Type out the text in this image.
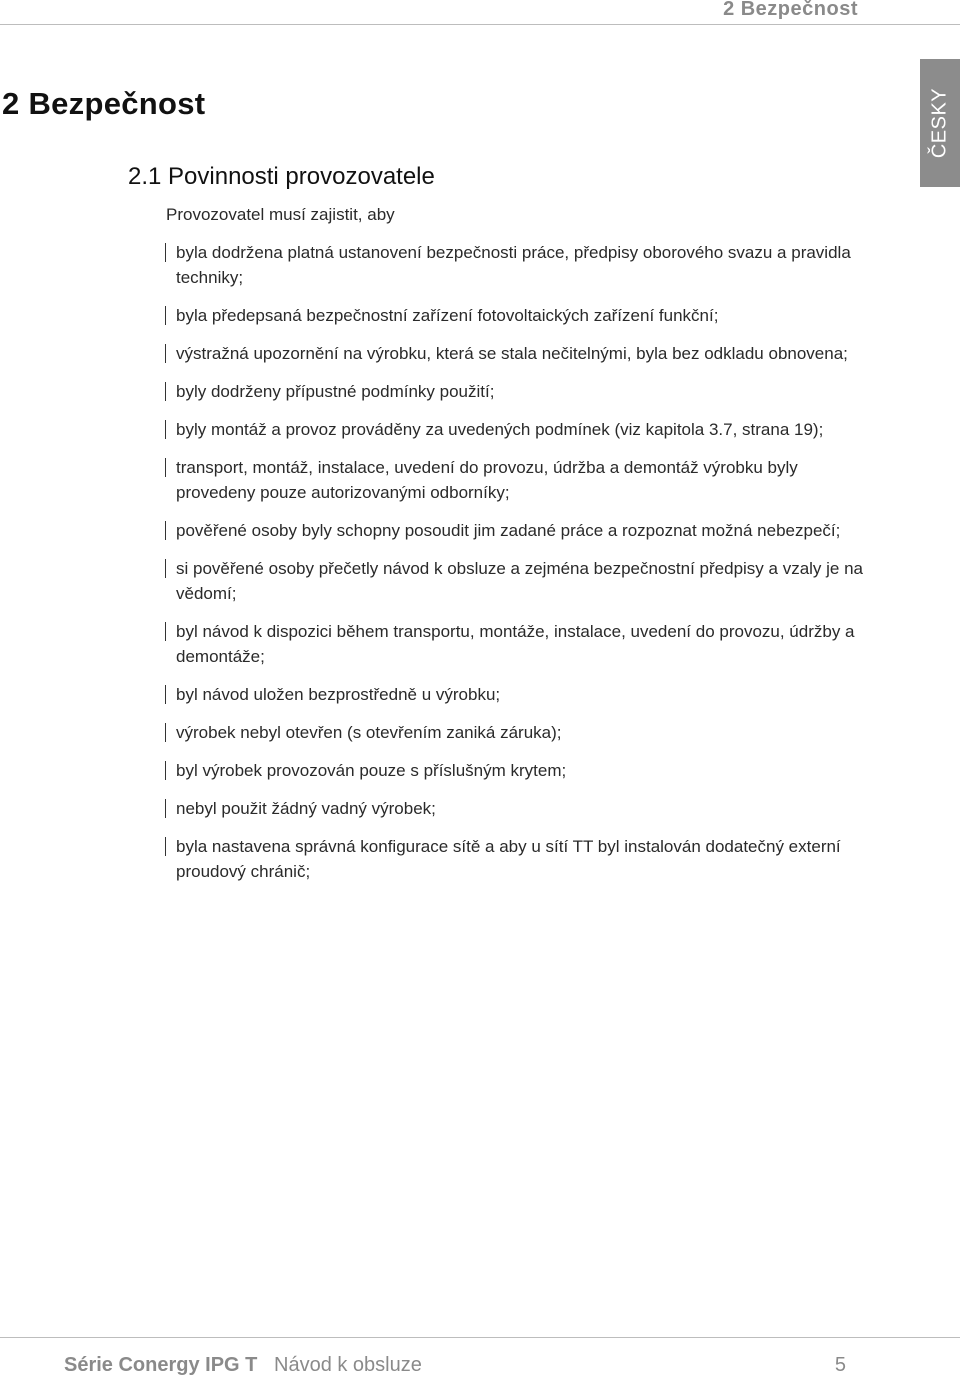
2 Bezpečnost
ČESKY
2 Bezpečnost
2.1 Povinnosti provozovatele

Provozovatel musí zajistit, aby

byla dodržena platná ustanovení bezpečnosti práce, předpisy oborového svazu a pravidla techniky;
byla předepsaná bezpečnostní zařízení fotovoltaických zařízení funkční;
výstražná upozornění na výrobku, která se stala nečitelnými, byla bez odkladu obnovena;
byly dodrženy přípustné podmínky použití;
byly montáž a provoz prováděny za uvedených podmínek (viz kapitola 3.7, strana 19);
transport, montáž, instalace, uvedení do provozu, údržba a demontáž výrobku byly provedeny pouze autorizovanými odborníky;
pověřené osoby byly schopny posoudit jim zadané práce a rozpoznat možná nebezpečí;
si pověřené osoby přečetly návod k obsluze a zejména bezpečnostní předpisy a vzaly je na vědomí;
byl návod k dispozici během transportu, montáže, instalace, uvedení do provozu, údržby a demontáže;
byl návod uložen bezprostředně u výrobku;
výrobek nebyl otevřen (s otevřením zaniká záruka);
byl výrobek provozován pouze s příslušným krytem;
nebyl použit žádný vadný výrobek;
byla nastavena správná konfigurace sítě a aby u sítí TT byl instalován dodatečný externí proudový chránič;
Série Conergy IPG T Návod k obsluze	5
